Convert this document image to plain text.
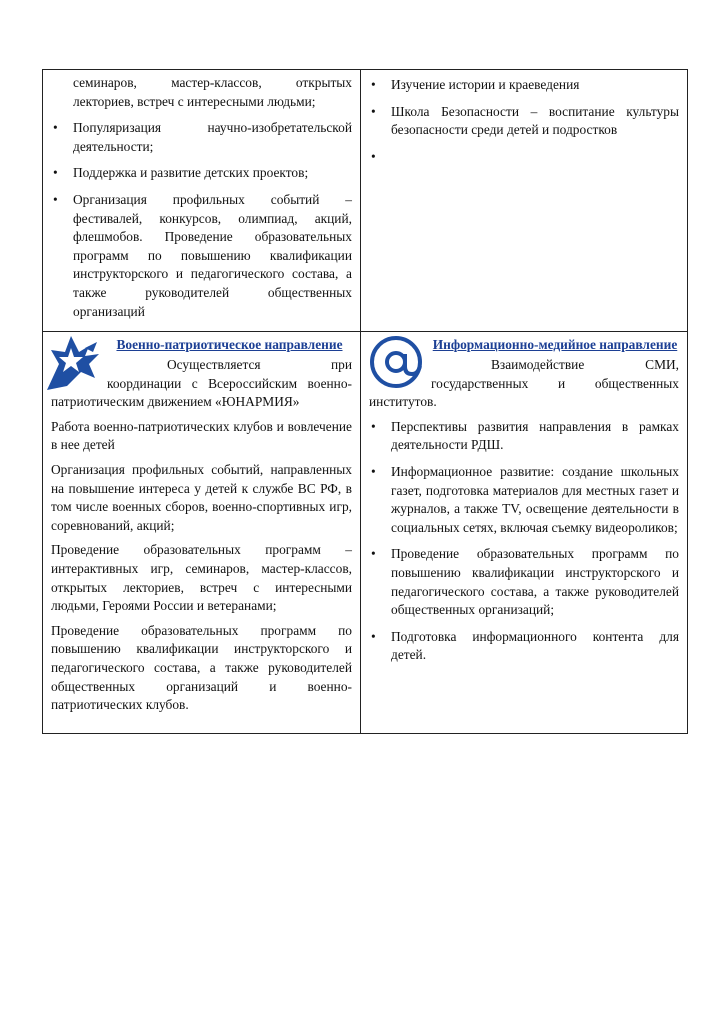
семинаров, мастер-классов, открытых лекториев, встреч с интересными людьми;

• Популяризация научно-изобретательской деятельности;
• Поддержка и развитие детских проектов;
• Организация профильных событий – фестивалей, конкурсов, олимпиад, акций, флешмобов. Проведение образовательных программ по повышению квалификации инструкторского и педагогического состава, а также руководителей общественных организаций
• Изучение истории и краеведения
• Школа Безопасности – воспитание культуры безопасности среди детей и подростков
•
Военно-патриотическое направление

Осуществляется при координации с Всероссийским военно-патриотическим движением «ЮНАРМИЯ»

Работа военно-патриотических клубов и вовлечение в нее детей

Организация профильных событий, направленных на повышение интереса у детей к службе ВС РФ, в том числе военных сборов, военно-спортивных игр, соревнований, акций;

Проведение образовательных программ – интерактивных игр, семинаров, мастер-классов, открытых лекториев, встреч с интересными людьми, Героями России и ветеранами;

Проведение образовательных программ по повышению квалификации инструкторского и педагогического состава, а также руководителей общественных организаций и военно-патриотических клубов.

Информационно-медийное направление

Взаимодействие СМИ, государственных и общественных институтов.

• Перспективы развития направления в рамках деятельности РДШ.
• Информационное развитие: создание школьных газет, подготовка материалов для местных газет и журналов, а также TV, освещение деятельности в социальных сетях, включая съемку видеороликов;
• Проведение образовательных программ по повышению квалификации инструкторского и педагогического состава, а также руководителей общественных организаций;
• Подготовка информационного контента для детей.
